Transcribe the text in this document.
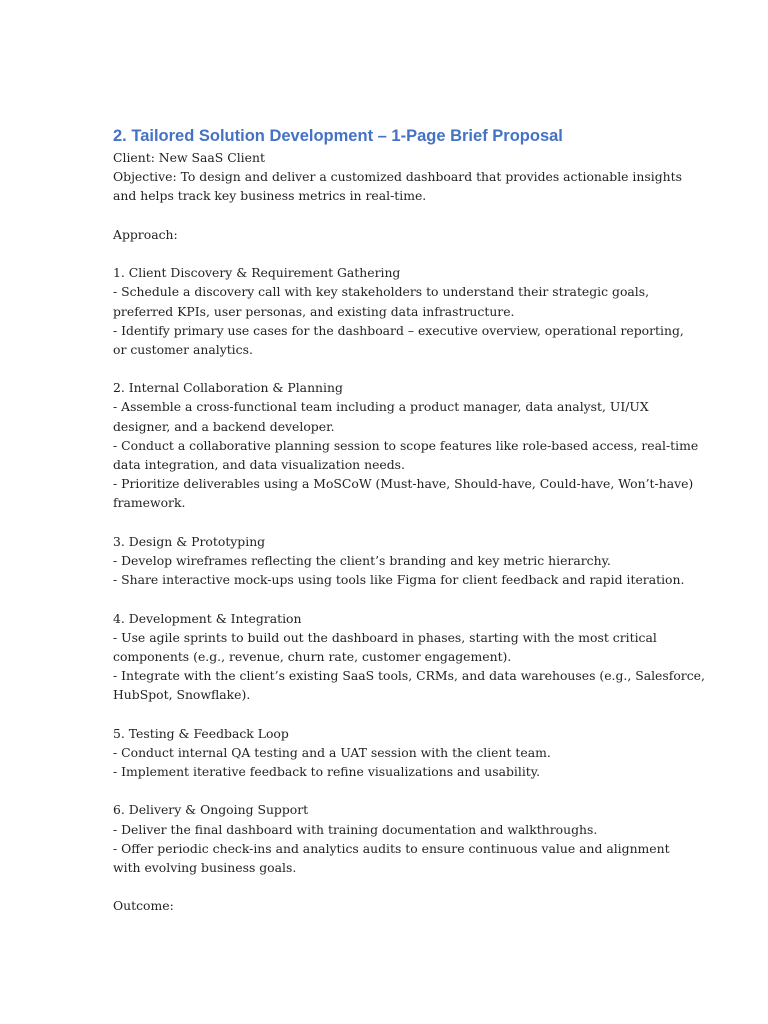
2. Tailored Solution Development – 1-Page Brief Proposal
Client: New SaaS Client
Objective: To design and deliver a customized dashboard that provides actionable insights
and helps track key business metrics in real-time.
Approach:
1. Client Discovery & Requirement Gathering
- Schedule a discovery call with key stakeholders to understand their strategic goals,
preferred KPIs, user personas, and existing data infrastructure.
- Identify primary use cases for the dashboard – executive overview, operational reporting,
or customer analytics.
2. Internal Collaboration & Planning
- Assemble a cross-functional team including a product manager, data analyst, UI/UX
designer, and a backend developer.
- Conduct a collaborative planning session to scope features like role-based access, real-time
data integration, and data visualization needs.
- Prioritize deliverables using a MoSCoW (Must-have, Should-have, Could-have, Won’t-have)
framework.
3. Design & Prototyping
- Develop wireframes reflecting the client’s branding and key metric hierarchy.
- Share interactive mock-ups using tools like Figma for client feedback and rapid iteration.
4. Development & Integration
- Use agile sprints to build out the dashboard in phases, starting with the most critical
components (e.g., revenue, churn rate, customer engagement).
- Integrate with the client’s existing SaaS tools, CRMs, and data warehouses (e.g., Salesforce,
HubSpot, Snowflake).
5. Testing & Feedback Loop
- Conduct internal QA testing and a UAT session with the client team.
- Implement iterative feedback to refine visualizations and usability.
6. Delivery & Ongoing Support
- Deliver the final dashboard with training documentation and walkthroughs.
- Offer periodic check-ins and analytics audits to ensure continuous value and alignment
with evolving business goals.
Outcome:
